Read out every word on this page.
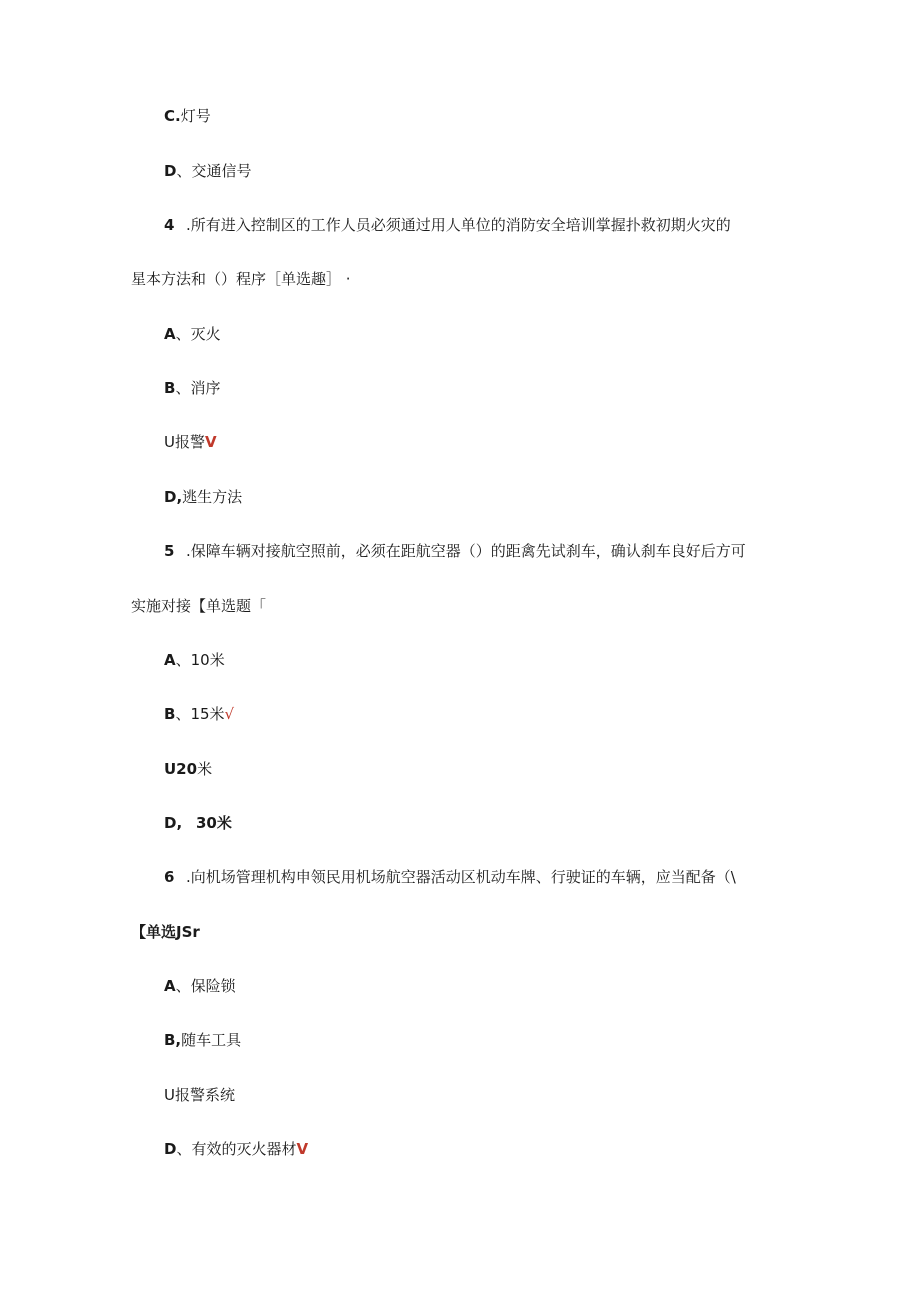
C.灯号
D、交通信号
4 .所有进入控制区的工作人员必须通过用人单位的消防安全培训掌握扑救初期火灾的
星本方法和（）程序［单选趣］ ·
A、灭火
B、消序
U报警V
D,逃生方法
5 .保障车辆对接航空照前，必须在距航空器（）的距禽先试刹车，确认刹车良好后方可
实施对接【单选题「
A、10米
B、15米√
U20米
D, 30米
6 .向机场管理机构申领民用机场航空器活动区机动车牌、行驶证的车辆，应当配备（\
【单选JSr
A、保险锁
B,随车工具
U报警系统
D、有效的灭火器材V
